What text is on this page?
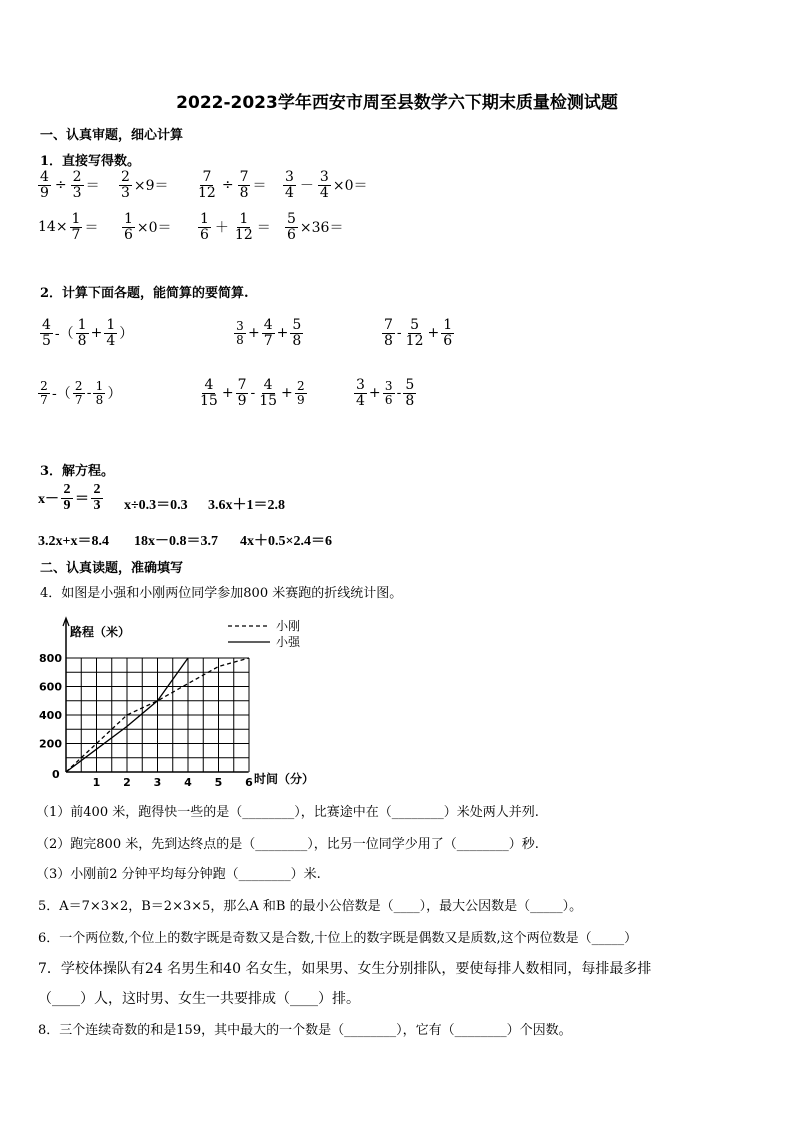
2022-2023学年西安市周至县数学六下期末质量检测试题
一、认真审题，细心计算
1．直接写得数。
$\frac{4}{9} \div \frac{2}{3} = \frac{2}{3} \times 9= \frac{7}{12} \div \frac{7}{8} = \frac{3}{4} - \frac{3}{4} \times 0=$
$14\times \frac{1}{7} = \frac{1}{6} \times 0= \frac{1}{6} + \frac{1}{12} = \frac{5}{6} \times 36=$
2．计算下面各题，能简算的要简算.
$\frac{4}{5}$ -（ $\frac{1}{8} + \frac{1}{4}$ ）	$\frac{3}{8} + \frac{4}{7} + \frac{5}{8}$	$\frac{7}{8} - \frac{5}{12} + \frac{1}{6}$
$\frac{2}{7}$ -（ $\frac{2}{7} - \frac{1}{8}$ ）	$\frac{4}{15} + \frac{7}{9} - \frac{4}{15} + \frac{2}{9}$	$\frac{3}{4} + \frac{3}{6} - \frac{5}{8}$
3．解方程。
$x- \frac{2}{9} = \frac{2}{3} x\div 0.3=0.3$ 3.6x＋1＝2.8
3.2x+x＝8.4 18x－0.8＝3.7 4x＋0.5×2.4＝6
二、认真读题，准确填写
4．如图是小强和小刚两位同学参加800 米赛跑的折线统计图。
路程（米）
时间（分）
0
200
400
600
800
1 2 3 4 5 6
小刚
小强
（1）前400 米，跑得快一些的是（________），比赛途中在（________）米处两人并列.
（2）跑完800 米，先到达终点的是（________），比另一位同学少用了（________）秒.
（3）小刚前2 分钟平均每分钟跑（________）米.
5．A＝7×3×2，B＝2×3×5，那么A 和B 的最小公倍数是（____），最大公因数是（_____）。
6．一个两位数,个位上的数字既是奇数又是合数,十位上的数字既是偶数又是质数,这个两位数是（_____）
7．学校体操队有24 名男生和40 名女生，如果男、女生分别排队，要使每排人数相同，每排最多排
（____）人，这时男、女生一共要排成（____）排。
8．三个连续奇数的和是159，其中最大的一个数是（________），它有（________）个因数。
